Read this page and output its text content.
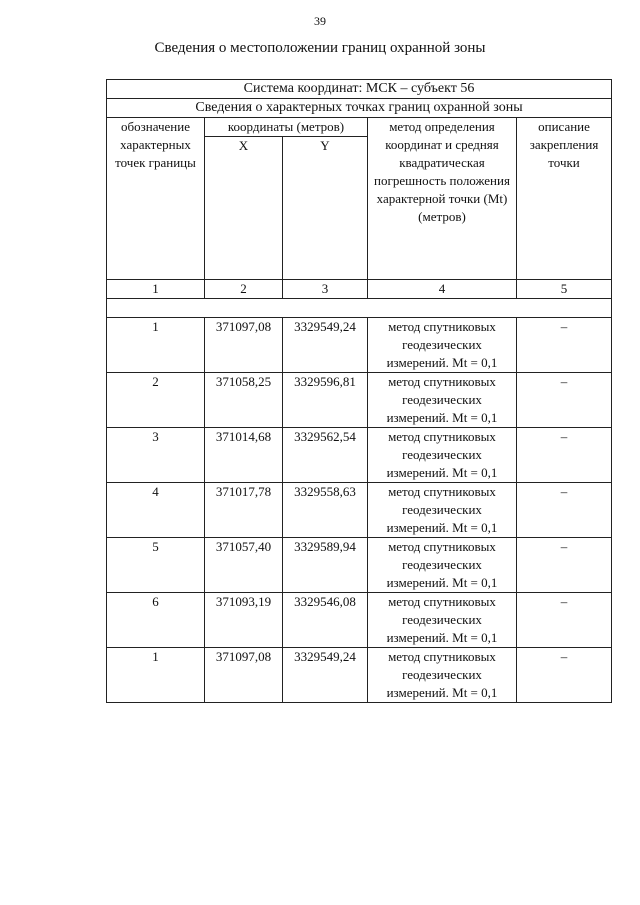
39
Сведения о местоположении границ охранной зоны
Система координат: МСК – субъект 56				
Сведения о характерных точках границ охранной зоны				
обозначение характерных точек границы	координаты (метров)		метод определения координат и средняя квадратическая погрешность положения характерной точки (Mt) (метров)	описание закрепления точки
	X	Y		
1	2	3	4	5

1	371097,08	3329549,24	метод спутниковых
геодезических
измерений. Mt = 0,1	–
2	371058,25	3329596,81	метод спутниковых
геодезических
измерений. Mt = 0,1	–
3	371014,68	3329562,54	метод спутниковых
геодезических
измерений. Mt = 0,1	–
4	371017,78	3329558,63	метод спутниковых
геодезических
измерений. Mt = 0,1	–
5	371057,40	3329589,94	метод спутниковых
геодезических
измерений. Mt = 0,1	–
6	371093,19	3329546,08	метод спутниковых
геодезических
измерений. Mt = 0,1	–
1	371097,08	3329549,24	метод спутниковых
геодезических
измерений. Mt = 0,1	–
